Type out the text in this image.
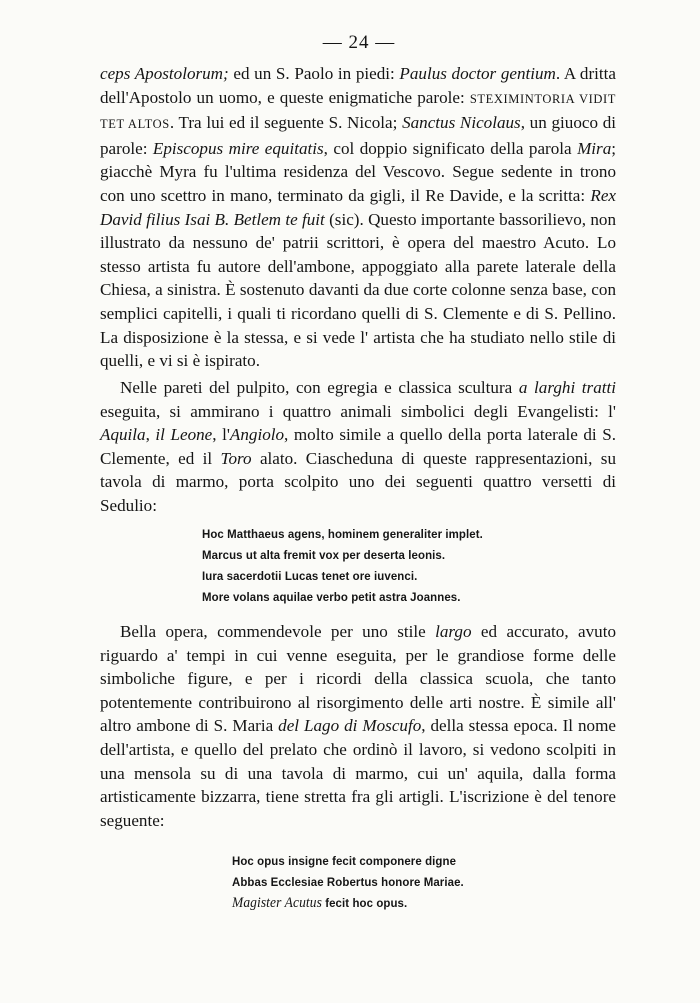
— 24 —

ceps Apostolorum; ed un S. Paolo in piedi: Paulus doctor gentium. A dritta dell'Apostolo un uomo, e queste enigmatiche parole: STEXIMINTORIA VIDIT TET ALTOS. Tra lui ed il seguente S. Nicola; Sanctus Nicolaus, un giuoco di parole: Episcopus mire equitatis, col doppio significato della parola Mira; giacchè Myra fu l'ultima residenza del Vescovo. Segue sedente in trono con uno scettro in mano, terminato da gigli, il Re Davide, e la scritta: Rex David filius Isai B. Betlem te fuit (sic). Questo importante bassorilievo, non illustrato da nessuno de' patrii scrittori, è opera del maestro Acuto. Lo stesso artista fu autore dell'ambone, appoggiato alla parete laterale della Chiesa, a sinistra. È sostenuto davanti da due corte colonne senza base, con semplici capitelli, i quali ti ricordano quelli di S. Clemente e di S. Pellino. La disposizione è la stessa, e si vede l' artista che ha studiato nello stile di quelli, e vi si è ispirato.

Nelle pareti del pulpito, con egregia e classica scultura a larghi tratti eseguita, si ammirano i quattro animali simbolici degli Evangelisti: l' Aquila, il Leone, l'Angiolo, molto simile a quello della porta laterale di S. Clemente, ed il Toro alato. Ciascheduna di queste rappresentazioni, su tavola di marmo, porta scolpito uno dei seguenti quattro versetti di Sedulio:

Hoc Matthaeus agens, hominem generaliter implet.
Marcus ut alta fremit vox per deserta leonis.
Iura sacerdotii Lucas tenet ore iuvenci.
More volans aquilae verbo petit astra Joannes.

Bella opera, commendevole per uno stile largo ed accurato, avuto riguardo a' tempi in cui venne eseguita, per le grandiose forme delle simboliche figure, e per i ricordi della classica scuola, che tanto potentemente contribuirono al risorgimento delle arti nostre. È simile all' altro ambone di S. Maria del Lago di Moscufo, della stessa epoca. Il nome dell'artista, e quello del prelato che ordinò il lavoro, si vedono scolpiti in una mensola su di una tavola di marmo, cui un' aquila, dalla forma artisticamente bizzarra, tiene stretta fra gli artigli. L'iscrizione è del tenore seguente:

Hoc opus insigne fecit componere digne
Abbas Ecclesiae Robertus honore Mariae.
Magister Acutus fecit hoc opus.
